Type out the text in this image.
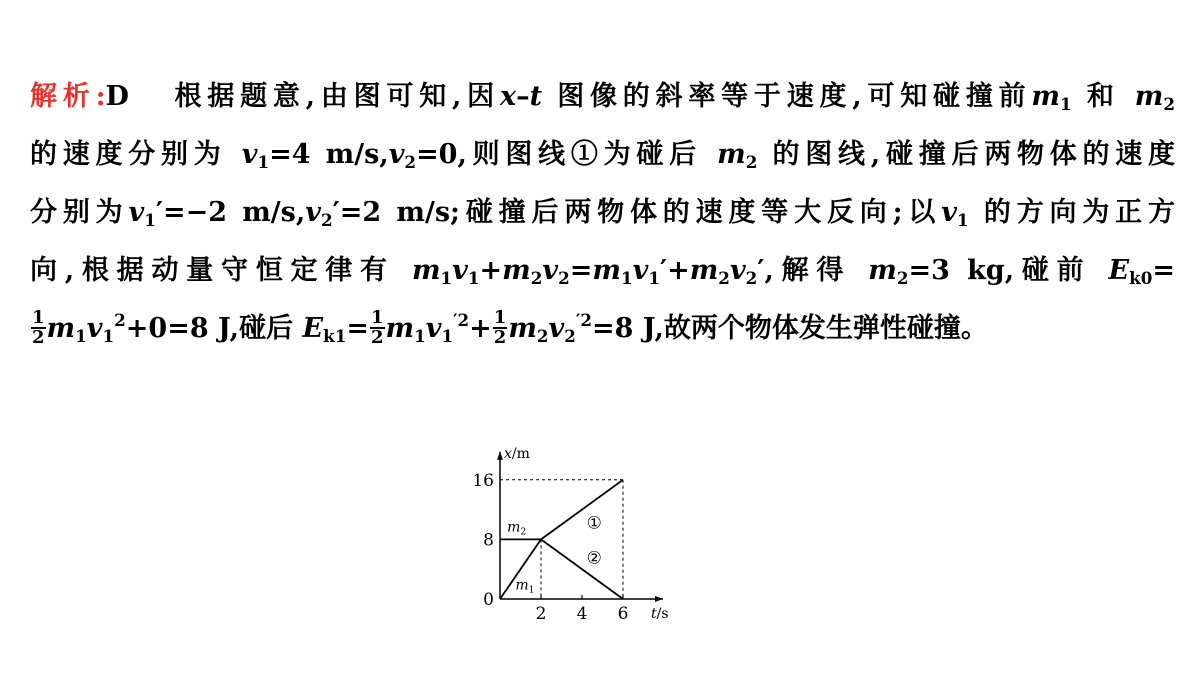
解析:D 根据题意,由图可知,因x–t 图像的斜率等于速度,可知碰撞前$m_1$ 和 $m_2$
的速度分别为 $v_1=4$ $m/s,v_2=0$,则图线①为碰后 $m_2$ 的图线,碰撞后两物体的速度
分别为$v_1'=-2$ $m/s,v_2'=2$ m/s;碰撞后两物体的速度等大反向;以$v_1$ 的方向为正方
向,根据动量守恒定律有 $m_1v_1+m_2v_2=m_1v_1'+m_2v_2'$,解得 $m_2=3$ kg,碰前 $E_{k0}=$
$\frac{1}{2} m_1v_1^2+0=8$ J,碰后 $E_{k1}= \frac{1}{2} m_1v_1^{'2}+ \frac{1}{2} m_2v_2^{'2}=8$ J,故两个物体发生弹性碰撞。
x/m
t/s
0
16
8
2 4 6
$m_2$
$m_1$
①
②
